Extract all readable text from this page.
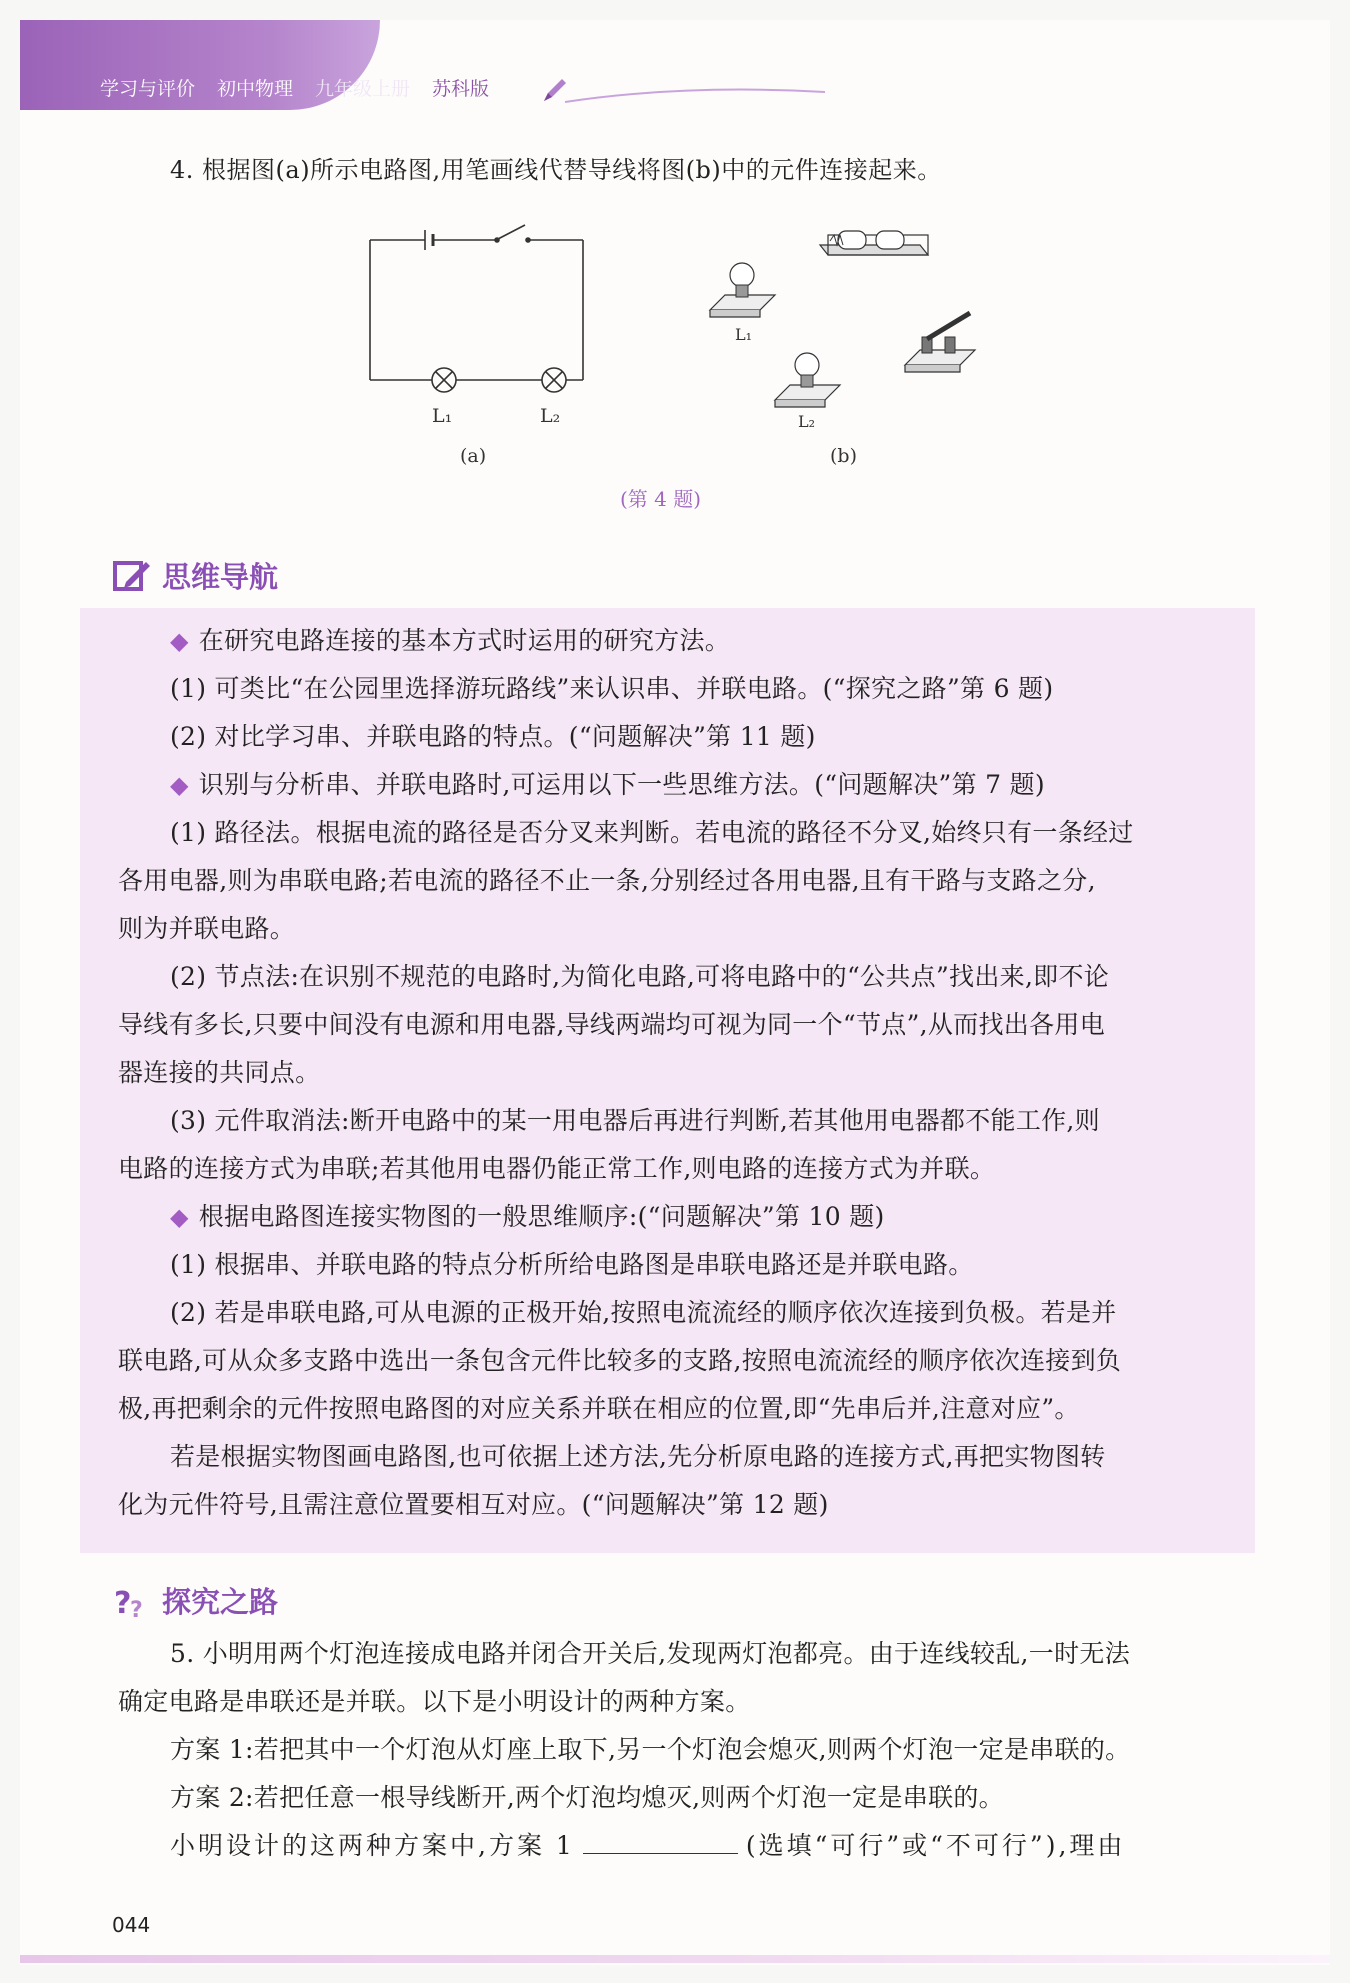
学习与评价 初中物理 九年级上册 苏科版
4. 根据图(a)所示电路图,用笔画线代替导线将图(b)中的元件连接起来。
L₁	L₂
(a)
L₁
L₂
(b)
(第 4 题)
思维导航
◆ 在研究电路连接的基本方式时运用的研究方法。
(1) 可类比“在公园里选择游玩路线”来认识串、并联电路。(“探究之路”第 6 题)
(2) 对比学习串、并联电路的特点。(“问题解决”第 11 题)
◆ 识别与分析串、并联电路时,可运用以下一些思维方法。(“问题解决”第 7 题)
(1) 路径法。根据电流的路径是否分叉来判断。若电流的路径不分叉,始终只有一条经过
各用电器,则为串联电路;若电流的路径不止一条,分别经过各用电器,且有干路与支路之分,
则为并联电路。
(2) 节点法:在识别不规范的电路时,为简化电路,可将电路中的“公共点”找出来,即不论
导线有多长,只要中间没有电源和用电器,导线两端均可视为同一个“节点”,从而找出各用电
器连接的共同点。
(3) 元件取消法:断开电路中的某一用电器后再进行判断,若其他用电器都不能工作,则
电路的连接方式为串联;若其他用电器仍能正常工作,则电路的连接方式为并联。
◆ 根据电路图连接实物图的一般思维顺序:(“问题解决”第 10 题)
(1) 根据串、并联电路的特点分析所给电路图是串联电路还是并联电路。
(2) 若是串联电路,可从电源的正极开始,按照电流流经的顺序依次连接到负极。若是并
联电路,可从众多支路中选出一条包含元件比较多的支路,按照电流流经的顺序依次连接到负
极,再把剩余的元件按照电路图的对应关系并联在相应的位置,即“先串后并,注意对应”。
若是根据实物图画电路图,也可依据上述方法,先分析原电路的连接方式,再把实物图转
化为元件符号,且需注意位置要相互对应。(“问题解决”第 12 题)
?
? 探究之路
5. 小明用两个灯泡连接成电路并闭合开关后,发现两灯泡都亮。由于连线较乱,一时无法
确定电路是串联还是并联。以下是小明设计的两种方案。
方案 1:若把其中一个灯泡从灯座上取下,另一个灯泡会熄灭,则两个灯泡一定是串联的。
方案 2:若把任意一根导线断开,两个灯泡均熄灭,则两个灯泡一定是串联的。
小明设计的这两种方案中,方案 1	(选填“可行”或“不可行”),理由
044
